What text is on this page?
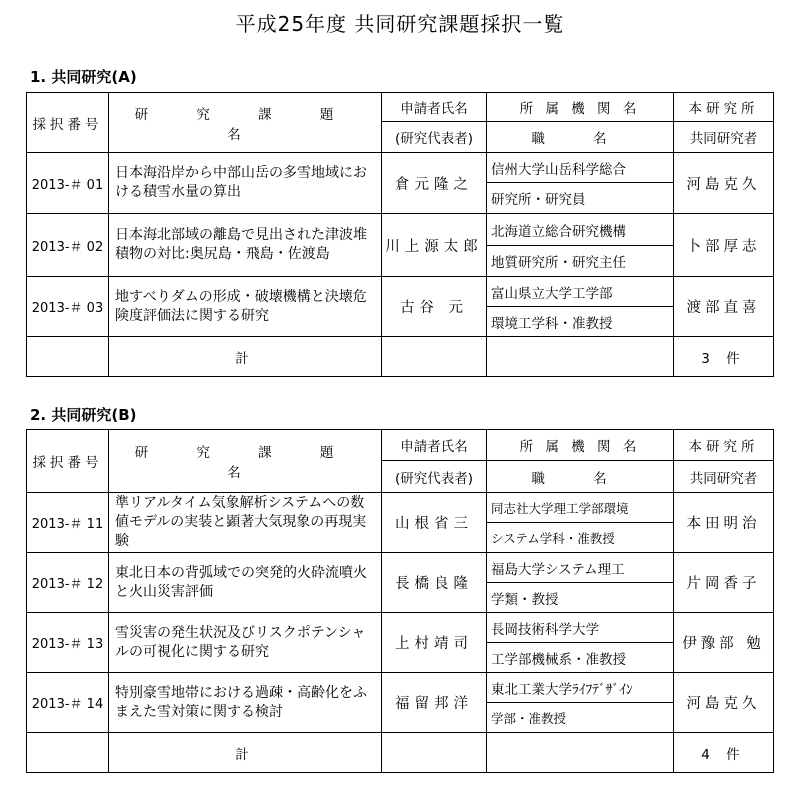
平成25年度 共同研究課題採択一覧
1. 共同研究(A)
採択番号	研 究 課 題 名	申請者氏名	所 属 機 関 名	本研究所
		(研究代表者)	職 名	共同研究者
2013-＃ 01	日本海沿岸から中部山岳の多雪地域における積雪水量の算出	倉元隆之	信州大学山岳科学総合	河島克久
			研究所・研究員	
2013-＃ 02	日本海北部域の離島で見出された津波堆積物の対比:奥尻島・飛島・佐渡島	川上源太郎	北海道立総合研究機構	卜部厚志
			地質研究所・研究主任	
2013-＃ 03	地すべりダムの形成・破壊機構と決壊危険度評価法に関する研究	古谷 元	富山県立大学工学部	渡部直喜
			環境工学科・准教授	
	計			3 件
2. 共同研究(B)
採択番号	研 究 課 題 名	申請者氏名	所 属 機 関 名	本研究所
		(研究代表者)	職 名	共同研究者
2013-＃ 11	準リアルタイム気象解析システムへの数値モデルの実装と顕著大気現象の再現実験	山根省三	同志社大学理工学部環境	本田明治
			システム学科・准教授	
2013-＃ 12	東北日本の背弧域での突発的火砕流噴火と火山災害評価	長橋良隆	福島大学システム理工	片岡香子
			学類・教授	
2013-＃ 13	雪災害の発生状況及びリスクポテンシャルの可視化に関する研究	上村靖司	長岡技術科学大学	伊豫部 勉
			工学部機械系・准教授	
2013-＃ 14	特別豪雪地帯における過疎・高齢化をふまえた雪対策に関する検討	福留邦洋	東北工業大学ﾗｲﾌﾃﾞｻﾞｲﾝ	河島克久
			学部・准教授	
	計			4 件
